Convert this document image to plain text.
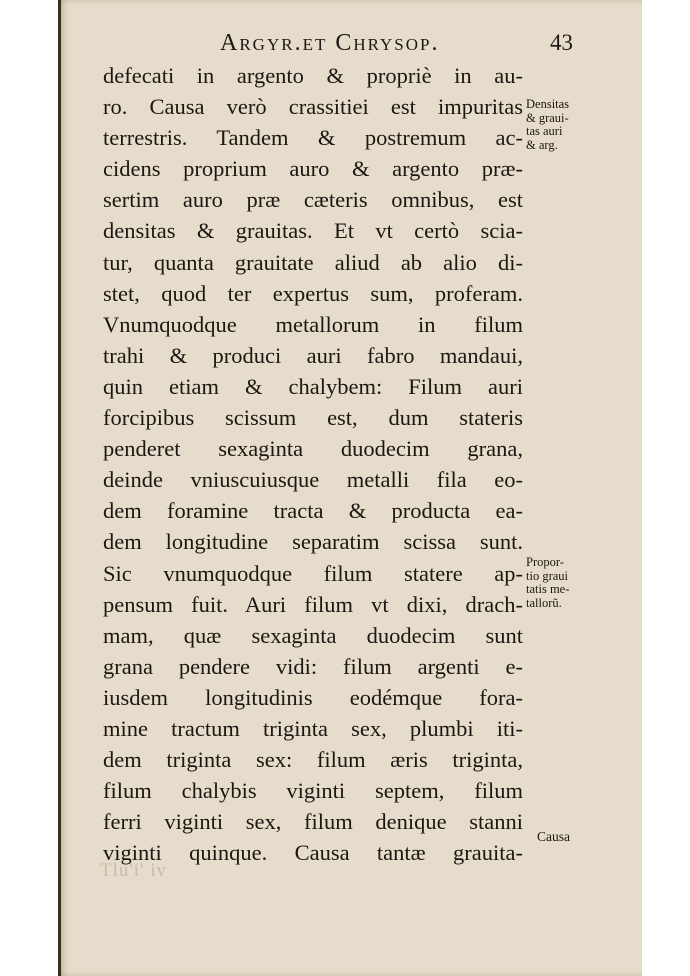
Argyr.et Chrysop.	43
defecati in argento & propriè in au-
ro. Causa verò crassitiei est impuritas
terrestris. Tandem & postremum ac-
cidens proprium auro & argento præ-
sertim auro præ cæteris omnibus, est
densitas & grauitas. Et vt certò scia-
tur, quanta grauitate aliud ab alio di-
stet, quod ter expertus sum, proferam.
Vnumquodque metallorum in filum
trahi & produci auri fabro mandaui,
quin etiam & chalybem: Filum auri
forcipibus scissum est, dum stateris
penderet sexaginta duodecim grana,
deinde vniuscuiusque metalli fila eo-
dem foramine tracta & producta ea-
dem longitudine separatim scissa sunt.
Sic vnumquodque filum statere ap-
pensum fuit. Auri filum vt dixi, drach-
mam, quæ sexaginta duodecim sunt
grana pendere vidi: filum argenti e-
iusdem longitudinis eodémque fora-
mine tractum triginta sex, plumbi iti-
dem triginta sex: filum æris triginta,
filum chalybis viginti septem, filum
ferri viginti sex, filum denique stanni
viginti quinque. Causa tantæ grauita-
Densitas
& graui-
tas auri
& arg.
Propor-
tio graui
tatis me-
tallorũ.
Causa
Tlu'i' iv
